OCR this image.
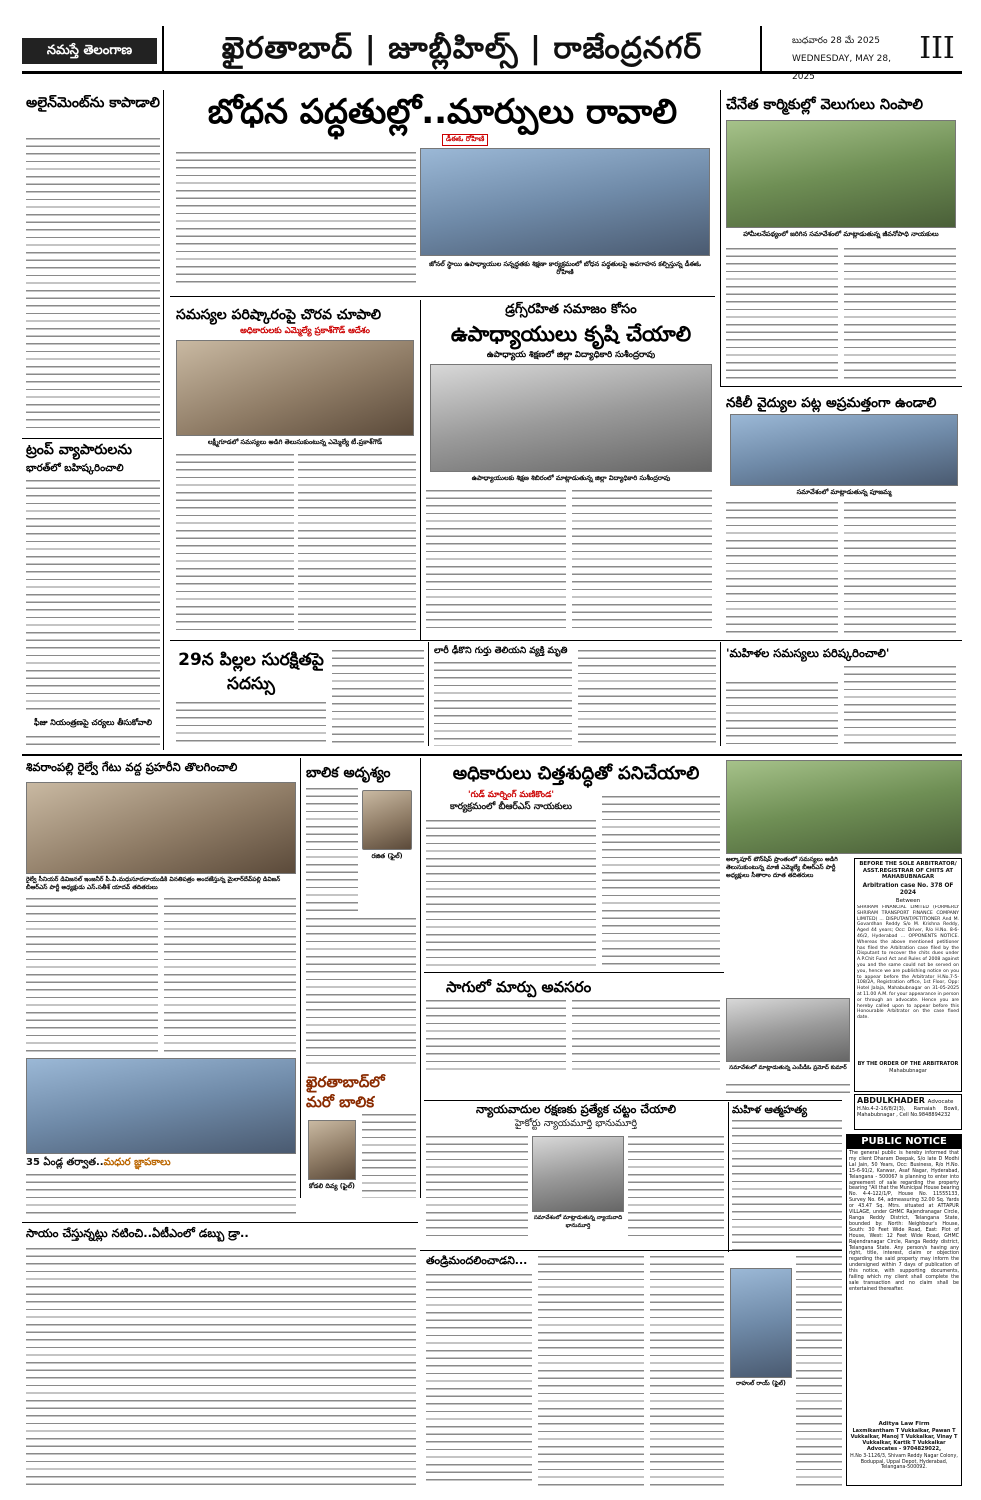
నమస్తే తెలంగాణ	ఖైరతాబాద్ | జూబ్లీహిల్స్ | రాజేంద్రనగర్	బుధవారం 28 మే 2025
WEDNESDAY, MAY 28, 2025
III
అలైన్‌మెంట్‌ను కాపాడాలి
ట్రంప్ వ్యాపారులను
భారత్‌లో బహిష్కరించాలి
ఫీజు నియంత్రణపై చర్యలు తీసుకోవాలి
బోధన పద్ధతుల్లో..మార్పులు రావాలి
డీఈఓ రోహిణి
జోనల్ స్థాయి ఉపాధ్యాయుల సన్నద్ధతకు శిక్షణా కార్యక్రమంలో బోధన పద్ధతులపై అవగాహన కల్పిస్తున్న డీఈఓ రోహిణి
చేనేత కార్మికుల్లో వెలుగులు నింపాలి
హామీలనేపథ్యంలో జరిగిన సమావేశంలో మాట్లాడుతున్న జీవనోపాధి నాయకులు
సమస్యల పరిష్కారంపై చొరవ చూపాలి
అధికారులకు ఎమ్మెల్యే ప్రకాశ్‌గౌడ్ ఆదేశం
లక్ష్మీగూడలో సమస్యలు అడిగి తెలుసుకుంటున్న ఎమ్మెల్యే టీ.ప్రకాశ్‌గౌడ్
డ్రగ్స్‌రహిత సమాజం కోసం
ఉపాధ్యాయులు కృషి చేయాలి
ఉపాధ్యాయ శిక్షణలో జిల్లా విద్యాధికారి సుశీంద్రరావు
ఉపాధ్యాయులకు శిక్షణ శిబిరంలో మాట్లాడుతున్న జిల్లా విద్యాధికారి సుశీంద్రరావు
నకిలీ వైద్యుల పట్ల అప్రమత్తంగా ఉండాలి
సమావేశంలో మాట్లాడుతున్న పూజమ్మ
29న పిల్లల సురక్షితపై సదస్సు
లారీ ఢీకొని గుర్తు తెలియని వ్యక్తి మృతి	'మహిళల సమస్యలు పరిష్కరించాలి'
శివరాంపల్లి రైల్వే గేటు వద్ద ప్రహరీని తొలగించాలి
రైల్వే సీనియర్ డివిజనల్ ఇంజనీర్ పీ.వీ.మధుసూదనాయుడికి వినతిపత్రం అందజేస్తున్న మైలార్‌దేవ్‌పల్లి డివిజన్ బీఆర్ఎస్ పార్టీ అధ్యక్షుడు ఎస్.సతీశ్ యాదవ్ తదితరులు
35 ఏండ్ల తర్వాత..మధుర జ్ఞాపకాలు
బాలిక అదృశ్యం
రజిత (ఫైల్)
ఖైరతాబాద్‌లో మరో బాలిక
కోడలి దివ్య (ఫైల్)
అధికారులు చిత్తశుద్ధితో పనిచేయాలి
'గుడ్ మార్నింగ్ మణికొండ'
కార్యక్రమంలో బీఆర్ఎస్ నాయకులు
అల్కాపూర్ టౌన్‌షిప్ ప్రాంతంలో సమస్యలు అడిగి తెలుసుకుంటున్న మాజీ ఎమ్మెల్యే బీఆర్ఎస్ పార్టీ అధ్యక్షులు సీతారాం దూత తదితరులు
సాగులో మార్పు అవసరం
సమావేశంలో మాట్లాడుతున్న ఎంపీడీఓ ప్రమోద్ కుమార్
BEFORE THE SOLE ARBITRATOR/ ASST.REGISTRAR OF CHITS AT MAHABUBNAGAR
Arbitration case No. 378 OF 2024
Between
SHRIRAM FINANCIAL LIMITED (FORMERLY SHRIRAM TRANSPORT FINANCE COMPANY LIMITED) ... DISPUTANT/PETITIONER And M. Govardhan Reddy S/o M. Krishna Reddy, Aged 44 years; Occ: Driver, R/o H.No. 8-6-46/2, Hyderabad ... OPPONENTS NOTICE. Whereas the above mentioned petitioner has filed the Arbitration case filed by the Disputant to recover the chits dues under A.P.Chit Fund Act and Rules of 2008 against you and the same could not be served on you, hence we are publishing notice on you to appear before the Arbitrator H.No.7-5-108/2A, Registration office, 1st Floor, Opp: Hotel Jalaja, Mahabubnagar on 31-05-2025 at 11.00 A.M. for your appearance in person or through an advocate. Hence you are hereby called upon to appear before this Honourable Arbitrator on the case fixed date.
BY THE ORDER OF THE ARBITRATOR
Mahabubnagar
ABDULKHADER Advocate
H.No.4-2-16/8/2(3), Ramaiah Bowli, Mahabubnagar , Cell No.9848894232
PUBLIC NOTICE
The general public is hereby informed that my client Dharam Deepak, S/o late D Modhi Lal Jain, 50 Years, Occ: Business, R/o H.No. 15-6-91/2, Kanwar, Asaf Nagar, Hyderabad, Telangana - 500067 is planning to enter into agreement of sale regarding the property bearing "All that the Municipal House bearing No. 4-4-122/1/P, House No. 11555133, Survey No. 64, admeasuring 32.00 Sq. Yards or 43.47 Sq. Mtrs. situated at ATTAPUR VILLAGE, under GHMC Rajendranagar Circle, Ranga Reddy District, Telangana State, bounded by: North: Neighbour's House, South: 30 Feet Wide Road, East: Plot of House, West: 12 Feet Wide Road, GHMC Rajendranagar Circle, Ranga Reddy district, Telangana State. Any person/s having any right, title, interest, claim or objection regarding the said property may inform the undersigned within 7 days of publication of this notice, with supporting documents, failing which my client shall complete the sale transaction and no claim shall be entertained thereafter.
Aditya Law Firm
Laxmikantham T Vukkalkar, Pawan T Vukkalkar, Manoj T Vukkalkar, Vinay T Vukkalkar, Kartik T Vukkalkar
Advocates - 9704829022,
H.No 3-1126/3, Shivam Reddy Nagar Colony, Boduppal, Uppal Depot, Hyderabad, Telangana-500092.
న్యాయవాదుల రక్షణకు ప్రత్యేక చట్టం చేయాలి
హైకోర్టు న్యాయమూర్తి భానుమూర్తి
సమావేశంలో మాట్లాడుతున్న న్యాయవాది భానుమూర్తి
మహిళ ఆత్మహత్య
సాయం చేస్తున్నట్లు నటించి..ఏటీఎంలో డబ్బు డ్రా..
తండ్రిమందలించాడని...
రాహుల్ రాయ్ (ఫైల్)
